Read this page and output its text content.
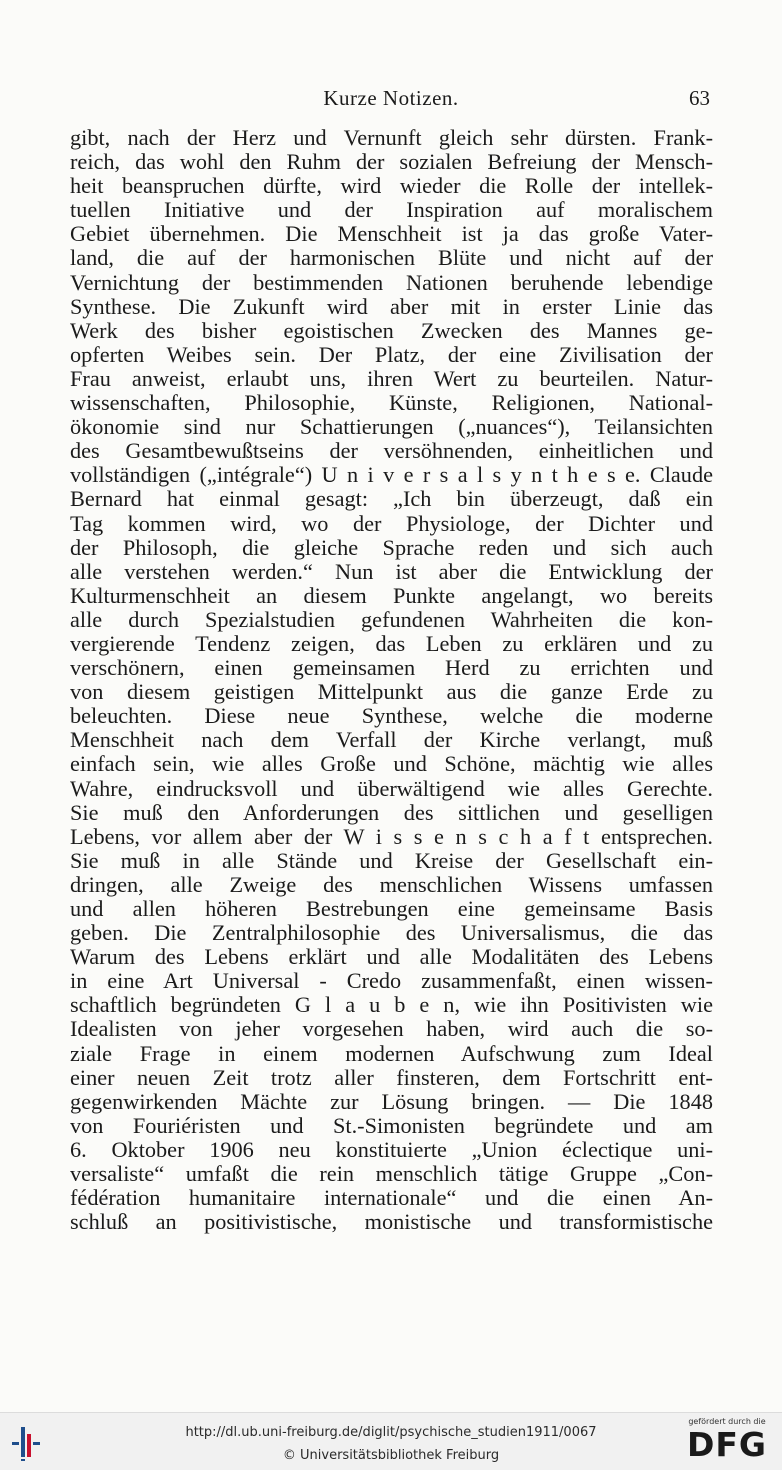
Kurze Notizen.	63
gibt, nach der Herz und Vernunft gleich sehr dürsten. Frank-
reich, das wohl den Ruhm der sozialen Befreiung der Mensch-
heit beanspruchen dürfte, wird wieder die Rolle der intellek-
tuellen Initiative und der Inspiration auf moralischem
Gebiet übernehmen. Die Menschheit ist ja das große Vater-
land, die auf der harmonischen Blüte und nicht auf der
Vernichtung der bestimmenden Nationen beruhende lebendige
Synthese. Die Zukunft wird aber mit in erster Linie das
Werk des bisher egoistischen Zwecken des Mannes ge-
opferten Weibes sein. Der Platz, der eine Zivilisation der
Frau anweist, erlaubt uns, ihren Wert zu beurteilen. Natur-
wissenschaften, Philosophie, Künste, Religionen, National-
ökonomie sind nur Schattierungen („nuances“), Teilansichten
des Gesamtbewußtseins der versöhnenden, einheitlichen und
vollständigen („intégrale“) U n i v e r s a l s y n t h e s e. Claude
Bernard hat einmal gesagt: „Ich bin überzeugt, daß ein
Tag kommen wird, wo der Physiologe, der Dichter und
der Philosoph, die gleiche Sprache reden und sich auch
alle verstehen werden.“ Nun ist aber die Entwicklung der
Kulturmenschheit an diesem Punkte angelangt, wo bereits
alle durch Spezialstudien gefundenen Wahrheiten die kon-
vergierende Tendenz zeigen, das Leben zu erklären und zu
verschönern, einen gemeinsamen Herd zu errichten und
von diesem geistigen Mittelpunkt aus die ganze Erde zu
beleuchten. Diese neue Synthese, welche die moderne
Menschheit nach dem Verfall der Kirche verlangt, muß
einfach sein, wie alles Große und Schöne, mächtig wie alles
Wahre, eindrucksvoll und überwältigend wie alles Gerechte.
Sie muß den Anforderungen des sittlichen und geselligen
Lebens, vor allem aber der W i s s e n s c h a f t entsprechen.
Sie muß in alle Stände und Kreise der Gesellschaft ein-
dringen, alle Zweige des menschlichen Wissens umfassen
und allen höheren Bestrebungen eine gemeinsame Basis
geben. Die Zentralphilosophie des Universalismus, die das
Warum des Lebens erklärt und alle Modalitäten des Lebens
in eine Art Universal - Credo zusammenfaßt, einen wissen-
schaftlich begründeten G l a u b e n, wie ihn Positivisten wie
Idealisten von jeher vorgesehen haben, wird auch die so-
ziale Frage in einem modernen Aufschwung zum Ideal
einer neuen Zeit trotz aller finsteren, dem Fortschritt ent-
gegenwirkenden Mächte zur Lösung bringen. — Die 1848
von Fouriéristen und St.-Simonisten begründete und am
6. Oktober 1906 neu konstituierte „Union éclectique uni-
versaliste“ umfaßt die rein menschlich tätige Gruppe „Con-
fédération humanitaire internationale“ und die einen An-
schluß an positivistische, monistische und transformistische
http://dl.ub.uni-freiburg.de/diglit/psychische_studien1911/0067
© Universitätsbibliothek Freiburg
gefördert durch die
DFG
